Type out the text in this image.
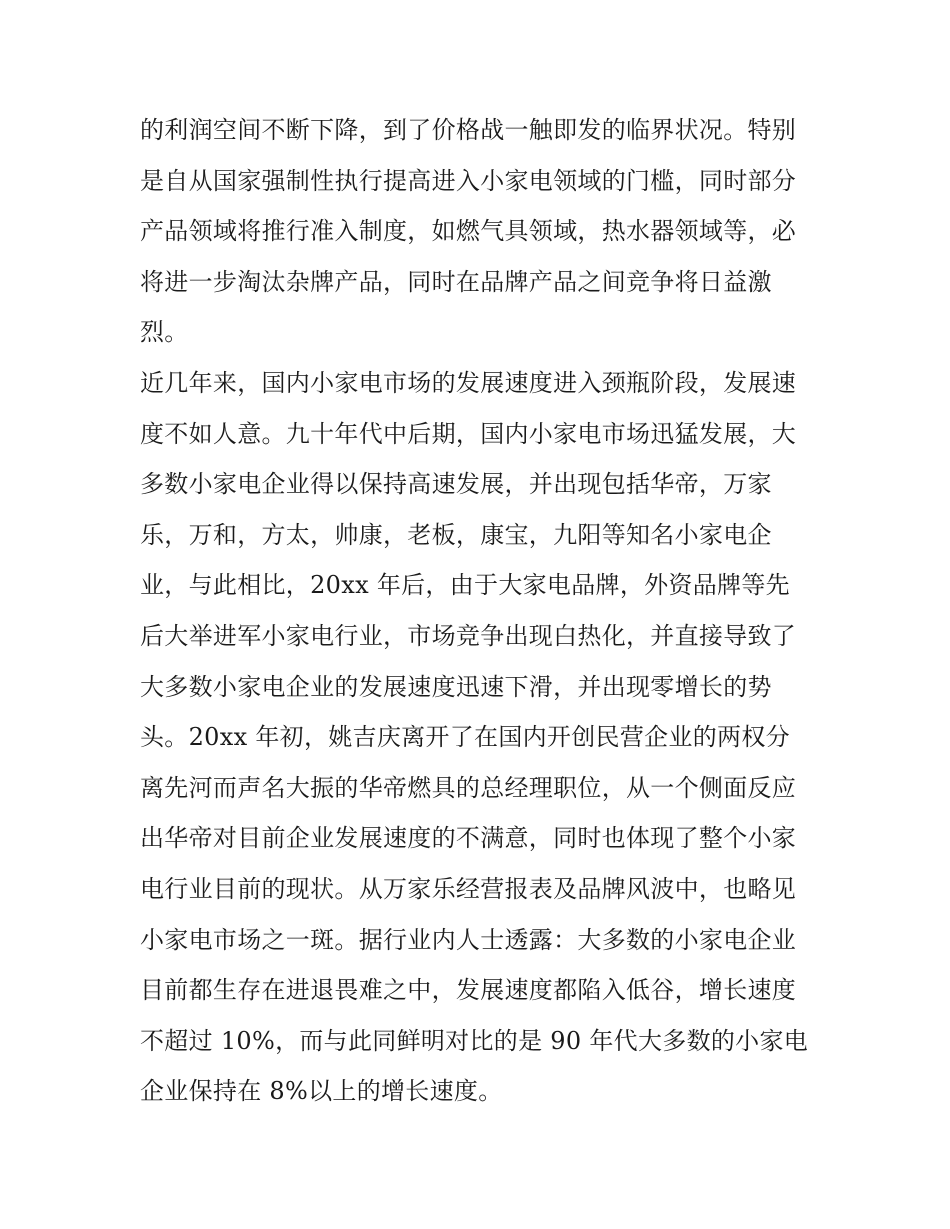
的利润空间不断下降，到了价格战一触即发的临界状况。特别
是自从国家强制性执行提高进入小家电领域的门槛，同时部分
产品领域将推行准入制度，如燃气具领域，热水器领域等，必
将进一步淘汰杂牌产品，同时在品牌产品之间竞争将日益激
烈。
近几年来，国内小家电市场的发展速度进入颈瓶阶段，发展速
度不如人意。九十年代中后期，国内小家电市场迅猛发展，大
多数小家电企业得以保持高速发展，并出现包括华帝，万家
乐，万和，方太，帅康，老板，康宝，九阳等知名小家电企
业，与此相比，20xx 年后，由于大家电品牌，外资品牌等先
后大举进军小家电行业，市场竞争出现白热化，并直接导致了
大多数小家电企业的发展速度迅速下滑，并出现零增长的势
头。20xx 年初，姚吉庆离开了在国内开创民营企业的两权分
离先河而声名大振的华帝燃具的总经理职位，从一个侧面反应
出华帝对目前企业发展速度的不满意，同时也体现了整个小家
电行业目前的现状。从万家乐经营报表及品牌风波中，也略见
小家电市场之一斑。据行业内人士透露：大多数的小家电企业
目前都生存在进退畏难之中，发展速度都陷入低谷，增长速度
不超过 10%，而与此同鲜明对比的是 90 年代大多数的小家电
企业保持在 8%以上的增长速度。
